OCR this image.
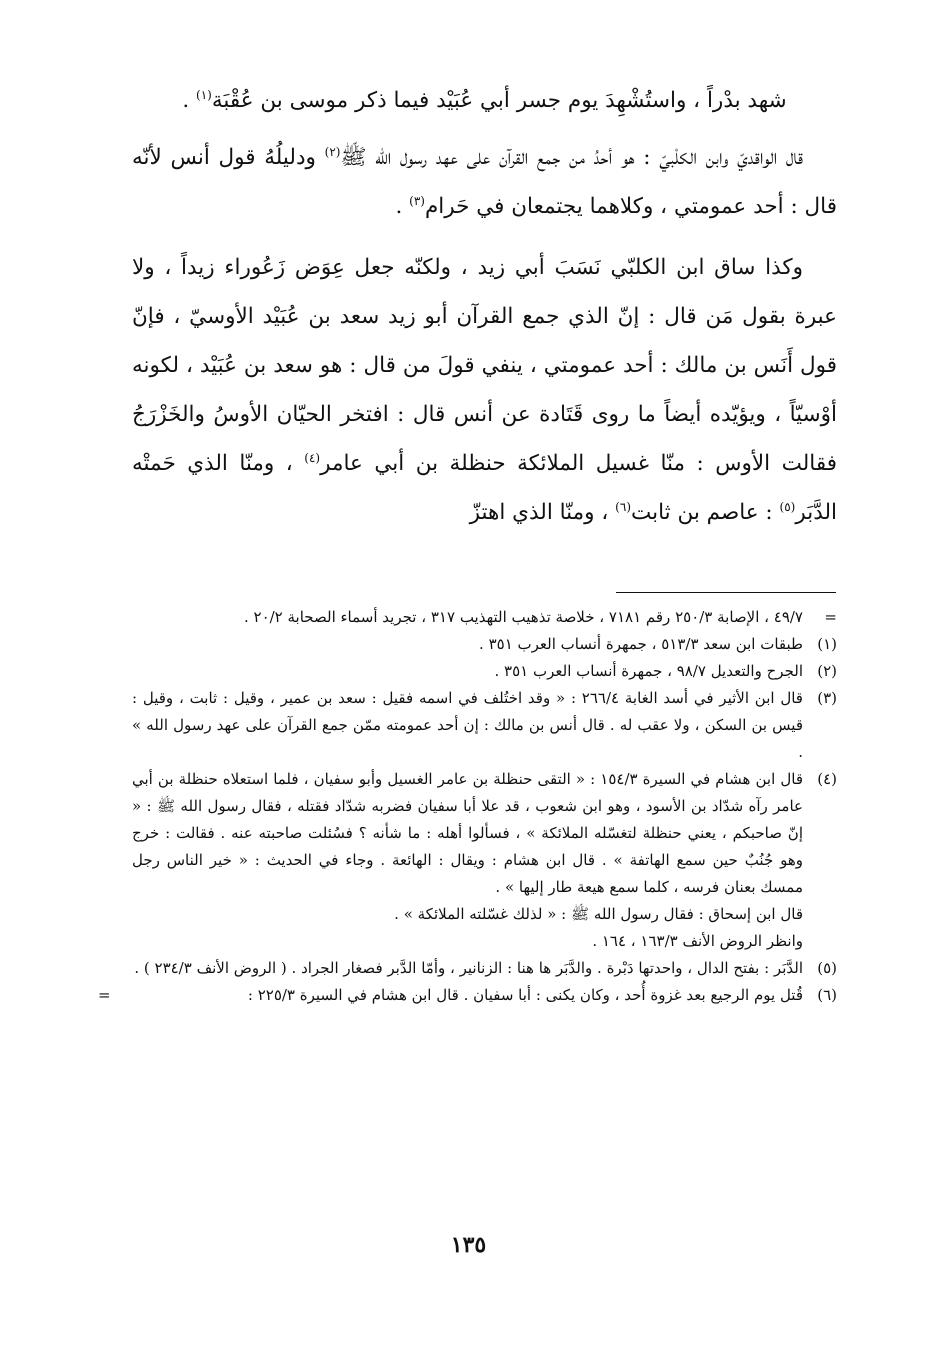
شهد بدْراً ، واستُشْهِدَ يوم جسر أبي عُبَيْد فيما ذكر موسى بن عُقْبَة$^{(١)}$ .

قال الواقديّ وابن الكلْبيّ : هو أحدُ من جمع القرآن على عهد رسول الله ﷺ$^{(٢)}$ ودليلُهُ قول أنس لأنّه قال : أحد عمومتي ، وكلاهما يجتمعان في حَرام$^{(٣)}$ .

وكذا ساق ابن الكلبّي نَسَبَ أبي زيد ، ولكنّه جعل عِوَض زَعُوراء زيداً ، ولا عبرة بقول مَن قال : إنّ الذي جمع القرآن أبو زيد سعد بن عُبَيْد الأوسيّ ، فإنّ قول أَنَس بن مالك : أحد عمومتي ، ينفي قولَ من قال : هو سعد بن عُبَيْد ، لكونه أوْسيّاً ، ويؤيّده أيضاً ما روى قَتَادة عن أنس قال : افتخر الحيّان الأوسُ والخَزْرَجُ فقالت الأوس : منّا غسيل الملائكة حنظلة بن أبي عامر$^{(٤)}$ ، ومنّا الذي حَمتْه الدَّبَر$^{(٥)}$ : عاصم بن ثابت$^{(٦)}$ ، ومنّا الذي اهتزّ

=
٤٩/٧ ، الإصابة ٢٥٠/٣ رقم ٧١٨١ ، خلاصة تذهيب التهذيب ٣١٧ ، تجريد أسماء الصحابة ٢٠/٢ .
(١)
طبقات ابن سعد ٥١٣/٣ ، جمهرة أنساب العرب ٣٥١ .
(٢)
الجرح والتعديل ٩٨/٧ ، جمهرة أنساب العرب ٣٥١ .
(٣)
قال ابن الأثير في أسد الغابة ٢٦٦/٤ : « وقد اختُلف في اسمه فقيل : سعد بن عمير ، وقيل : ثابت ، وقيل : قيس بن السكن ، ولا عقب له . قال أنس بن مالك : إن أحد عمومته ممّن جمع القرآن على عهد رسول الله » .
(٤)
قال ابن هشام في السيرة ١٥٤/٣ : « التقى حنظلة بن عامر الغسيل وأبو سفيان ، فلما استعلاه حنظلة بن أبي عامر رآه شدّاد بن الأسود ، وهو ابن شعوب ، قد علا أبا سفيان فضربه شدّاد فقتله ، فقال رسول الله ﷺ : « إنّ صاحبكم ، يعني حنظلة لتغسّله الملائكة » ، فسألوا أهله : ما شأنه ؟ فسُئلت صاحبته عنه . فقالت : خرج وهو جُنُبٌ حين سمع الهاتفة » . قال ابن هشام : ويقال : الهائعة . وجاء في الحديث : « خير الناس رجل ممسك بعنان فرسه ، كلما سمع هيعة طار إليها » .
قال ابن إسحاق : فقال رسول الله ﷺ : « لذلك غسّلته الملائكة » .
وانظر الروض الأنف ١٦٣/٣ ، ١٦٤ .
(٥)
الدَّبَر : بفتح الدال ، واحدتها دَبْرة . والدَّبَر ها هنا : الزنانير ، وأمّا الدَّبر فصغار الجراد . ( الروض الأنف ٢٣٤/٣ ) .
(٦)
قُتل يوم الرجيع بعد غزوة أُحد ، وكان يكنى : أبا سفيان . قال ابن هشام في السيرة ٢٢٥/٣ :
=
١٣٥
